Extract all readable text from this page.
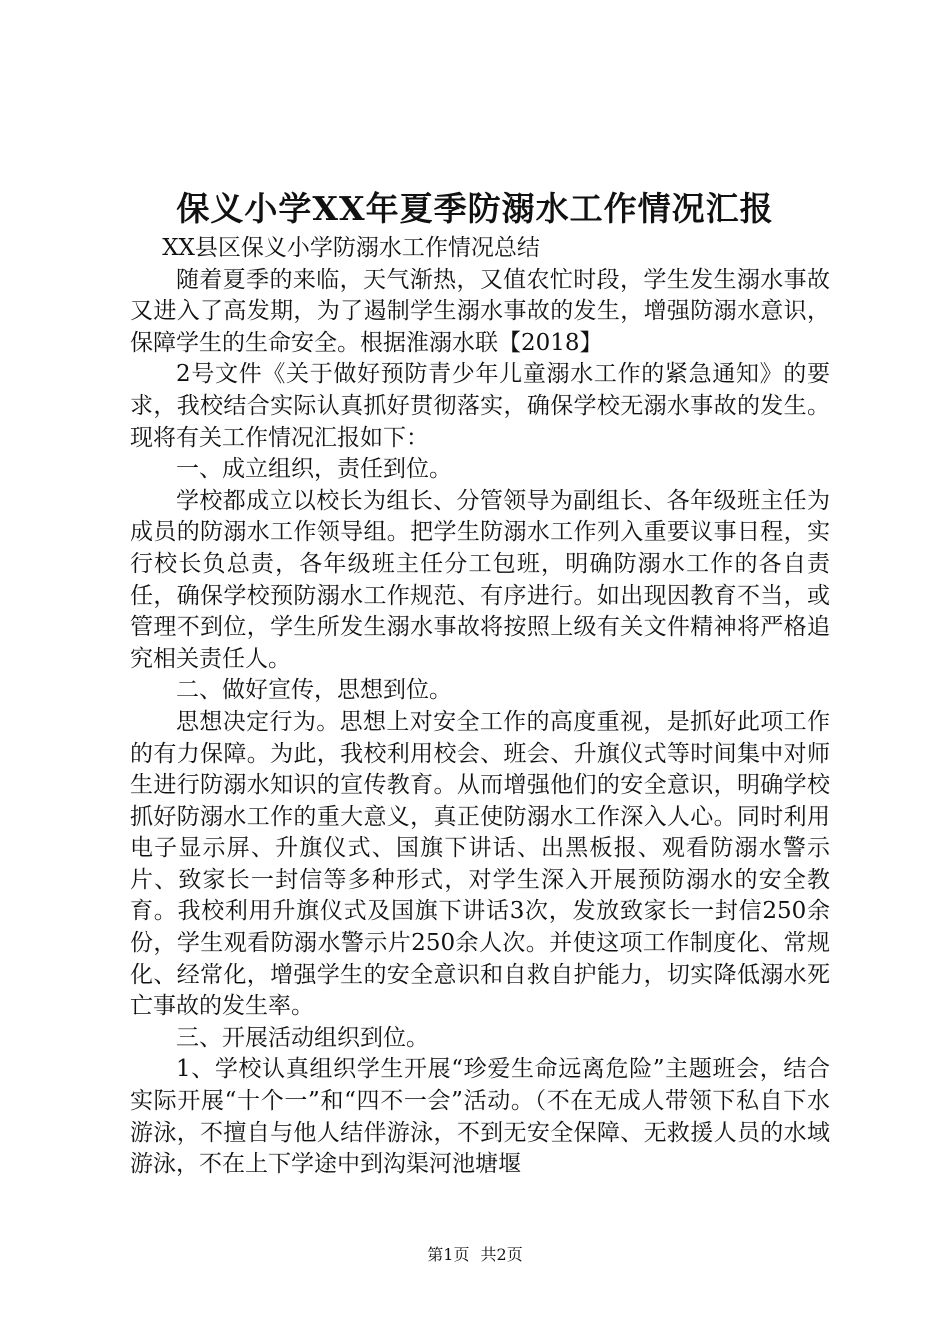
保义小学XX年夏季防溺水工作情况汇报

XX县区保义小学防溺水工作情况总结

随着夏季的来临，天气渐热，又值农忙时段，学生发生溺水事故又进入了高发期，为了遏制学生溺水事故的发生，增强防溺水意识，保障学生的生命安全。根据淮溺水联【2018】

2号文件《关于做好预防青少年儿童溺水工作的紧急通知》的要求，我校结合实际认真抓好贯彻落实，确保学校无溺水事故的发生。现将有关工作情况汇报如下：

一、成立组织，责任到位。

学校都成立以校长为组长、分管领导为副组长、各年级班主任为成员的防溺水工作领导组。把学生防溺水工作列入重要议事日程，实行校长负总责，各年级班主任分工包班，明确防溺水工作的各自责任，确保学校预防溺水工作规范、有序进行。如出现因教育不当，或管理不到位，学生所发生溺水事故将按照上级有关文件精神将严格追究相关责任人。

二、做好宣传，思想到位。

思想决定行为。思想上对安全工作的高度重视，是抓好此项工作的有力保障。为此，我校利用校会、班会、升旗仪式等时间集中对师生进行防溺水知识的宣传教育。从而增强他们的安全意识，明确学校抓好防溺水工作的重大意义，真正使防溺水工作深入人心。同时利用电子显示屏、升旗仪式、国旗下讲话、出黑板报、观看防溺水警示片、致家长一封信等多种形式，对学生深入开展预防溺水的安全教育。我校利用升旗仪式及国旗下讲话3次，发放致家长一封信250余份，学生观看防溺水警示片250余人次。并使这项工作制度化、常规化、经常化，增强学生的安全意识和自救自护能力，切实降低溺水死亡事故的发生率。

三、开展活动组织到位。

1、学校认真组织学生开展“珍爱生命远离危险”主题班会，结合实际开展“十个一”和“四不一会”活动。（不在无成人带领下私自下水游泳，不擅自与他人结伴游泳，不到无安全保障、无救援人员的水域游泳，不在上下学途中到沟渠河池塘堰

第1页 共2页
